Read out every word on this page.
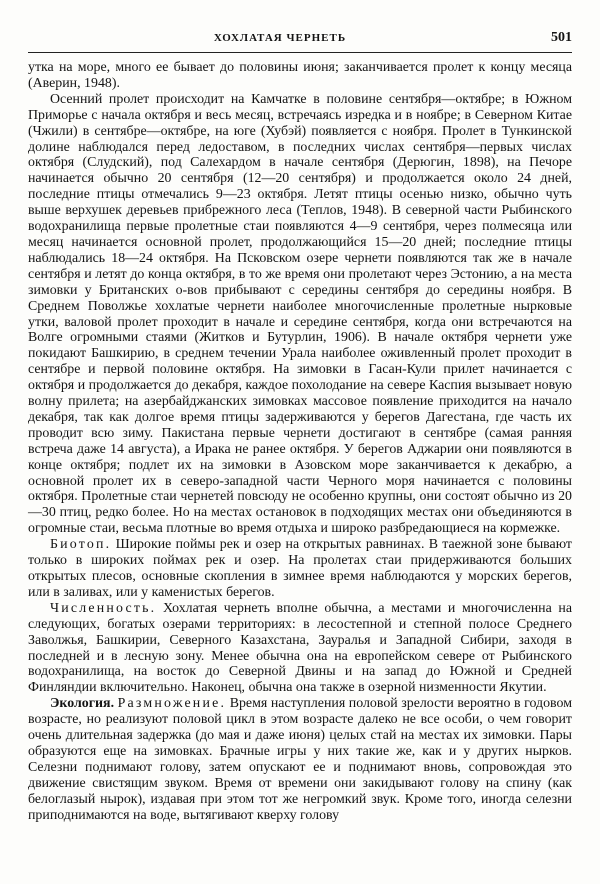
ХОХЛАТАЯ ЧЕРНЕТЬ	501

утка на море, много ее бывает до половины июня; заканчивается пролет к концу месяца (Аверин, 1948).

Осенний пролет происходит на Камчатке в половине сентября—октябре; в Южном Приморье с начала октября и весь месяц, встречаясь изредка и в ноябре; в Северном Китае (Чжили) в сентябре—октябре, на юге (Хубэй) появляется с ноября. Пролет в Тункинской долине наблюдался перед ледоставом, в последних числах сентября—первых числах октября (Слудский), под Салехардом в начале сентября (Дерюгин, 1898), на Печоре начинается обычно 20 сентября (12—20 сентября) и продолжается около 24 дней, последние птицы отмечались 9—23 октября. Летят птицы осенью низко, обычно чуть выше верхушек деревьев прибрежного леса (Теплов, 1948). В северной части Рыбинского водохранилища первые пролетные стаи появляются 4—9 сентября, через полмесяца или месяц начинается основной пролет, продолжающийся 15—20 дней; последние птицы наблюдались 18—24 октября. На Псковском озере чернети появляются так же в начале сентября и летят до конца октября, в то же время они пролетают через Эстонию, а на места зимовки у Британских о-вов прибывают с середины сентября до середины ноября. В Среднем Поволжье хохлатые чернети наиболее многочисленные пролетные нырковые утки, валовой пролет проходит в начале и середине сентября, когда они встречаются на Волге огромными стаями (Житков и Бутурлин, 1906). В начале октября чернети уже покидают Башкирию, в среднем течении Урала наиболее оживленный пролет проходит в сентябре и первой половине октября. На зимовки в Гасан-Кули прилет начинается с октября и продолжается до декабря, каждое похолодание на севере Каспия вызывает новую волну прилета; на азербайджанских зимовках массовое появление приходится на начало декабря, так как долгое время птицы задерживаются у берегов Дагестана, где часть их проводит всю зиму. Пакистана первые чернети достигают в сентябре (самая ранняя встреча даже 14 августа), а Ирака не ранее октября. У берегов Аджарии они появляются в конце октября; подлет их на зимовки в Азовском море заканчивается к декабрю, а основной пролет их в северо-западной части Черного моря начинается с половины октября. Пролетные стаи чернетей повсюду не особенно крупны, они состоят обычно из 20—30 птиц, редко более. Но на местах остановок в подходящих местах они объединяются в огромные стаи, весьма плотные во время отдыха и широко разбредающиеся на кормежке.

Биотоп. Широкие поймы рек и озер на открытых равнинах. В таежной зоне бывают только в широких поймах рек и озер. На пролетах стаи придерживаются больших открытых плесов, основные скопления в зимнее время наблюдаются у морских берегов, или в заливах, или у каменистых берегов.

Численность. Хохлатая чернеть вполне обычна, а местами и многочисленна на следующих, богатых озерами территориях: в лесостепной и степной полосе Среднего Заволжья, Башкирии, Северного Казахстана, Зауралья и Западной Сибири, заходя в последней и в лесную зону. Менее обычна она на европейском севере от Рыбинского водохранилища, на восток до Северной Двины и на запад до Южной и Средней Финляндии включительно. Наконец, обычна она также в озерной низменности Якутии.

Экология. Размножение. Время наступления половой зрелости вероятно в годовом возрасте, но реализуют половой цикл в этом возрасте далеко не все особи, о чем говорит очень длительная задержка (до мая и даже июня) целых стай на местах их зимовки. Пары образуются еще на зимовках. Брачные игры у них такие же, как и у других нырков. Селезни поднимают голову, затем опускают ее и поднимают вновь, сопровождая это движение свистящим звуком. Время от времени они закидывают голову на спину (как белоглазый нырок), издавая при этом тот же негромкий звук. Кроме того, иногда селезни приподнимаются на воде, вытягивают кверху голову
